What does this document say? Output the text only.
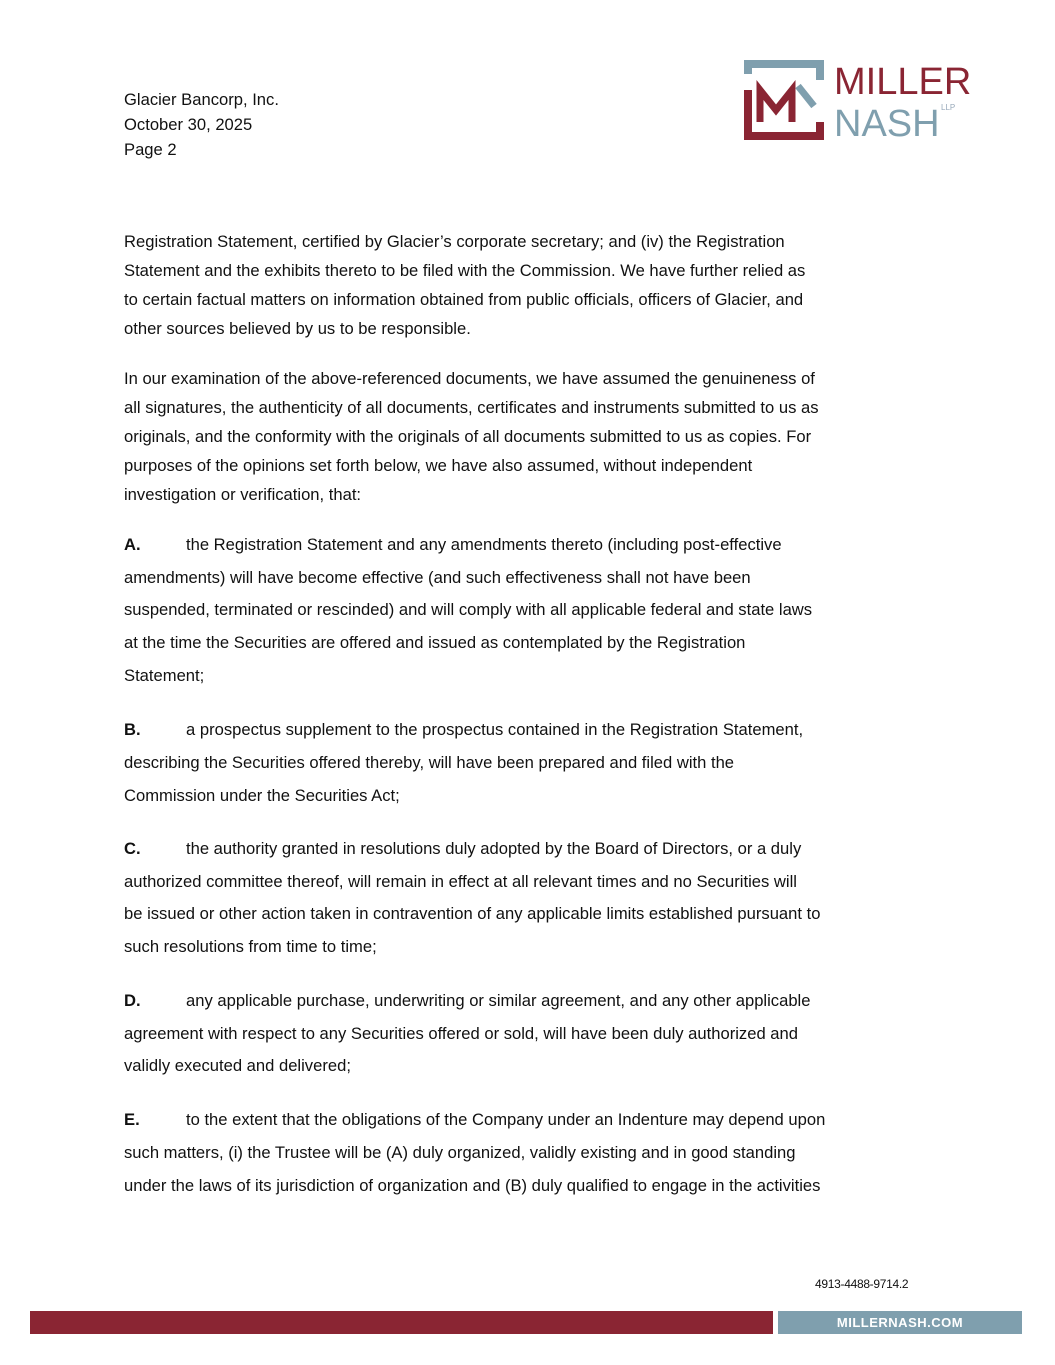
MILLER
NASH LLP
4913-4488-9714.2
MILLERNASH.COM
Glacier Bancorp, Inc.
October 30, 2025
Page 2
Registration Statement, certified by Glacier’s corporate secretary; and (iv) the Registration
Statement and the exhibits thereto to be filed with the Commission. We have further relied as
to certain factual matters on information obtained from public officials, officers of Glacier, and
other sources believed by us to be responsible.
In our examination of the above-referenced documents, we have assumed the genuineness of
all signatures, the authenticity of all documents, certificates and instruments submitted to us as
originals, and the conformity with the originals of all documents submitted to us as copies. For
purposes of the opinions set forth below, we have also assumed, without independent
investigation or verification, that:
A.	the Registration Statement and any amendments thereto (including post-effective
amendments) will have become effective (and such effectiveness shall not have been
suspended, terminated or rescinded) and will comply with all applicable federal and state laws
at the time the Securities are offered and issued as contemplated by the Registration
Statement;
B.	a prospectus supplement to the prospectus contained in the Registration Statement,
describing the Securities offered thereby, will have been prepared and filed with the
Commission under the Securities Act;
C.	the authority granted in resolutions duly adopted by the Board of Directors, or a duly
authorized committee thereof, will remain in effect at all relevant times and no Securities will
be issued or other action taken in contravention of any applicable limits established pursuant to
such resolutions from time to time;
D.	any applicable purchase, underwriting or similar agreement, and any other applicable
agreement with respect to any Securities offered or sold, will have been duly authorized and
validly executed and delivered;
E.	to the extent that the obligations of the Company under an Indenture may depend upon
such matters, (i) the Trustee will be (A) duly organized, validly existing and in good standing
under the laws of its jurisdiction of organization and (B) duly qualified to engage in the activities
